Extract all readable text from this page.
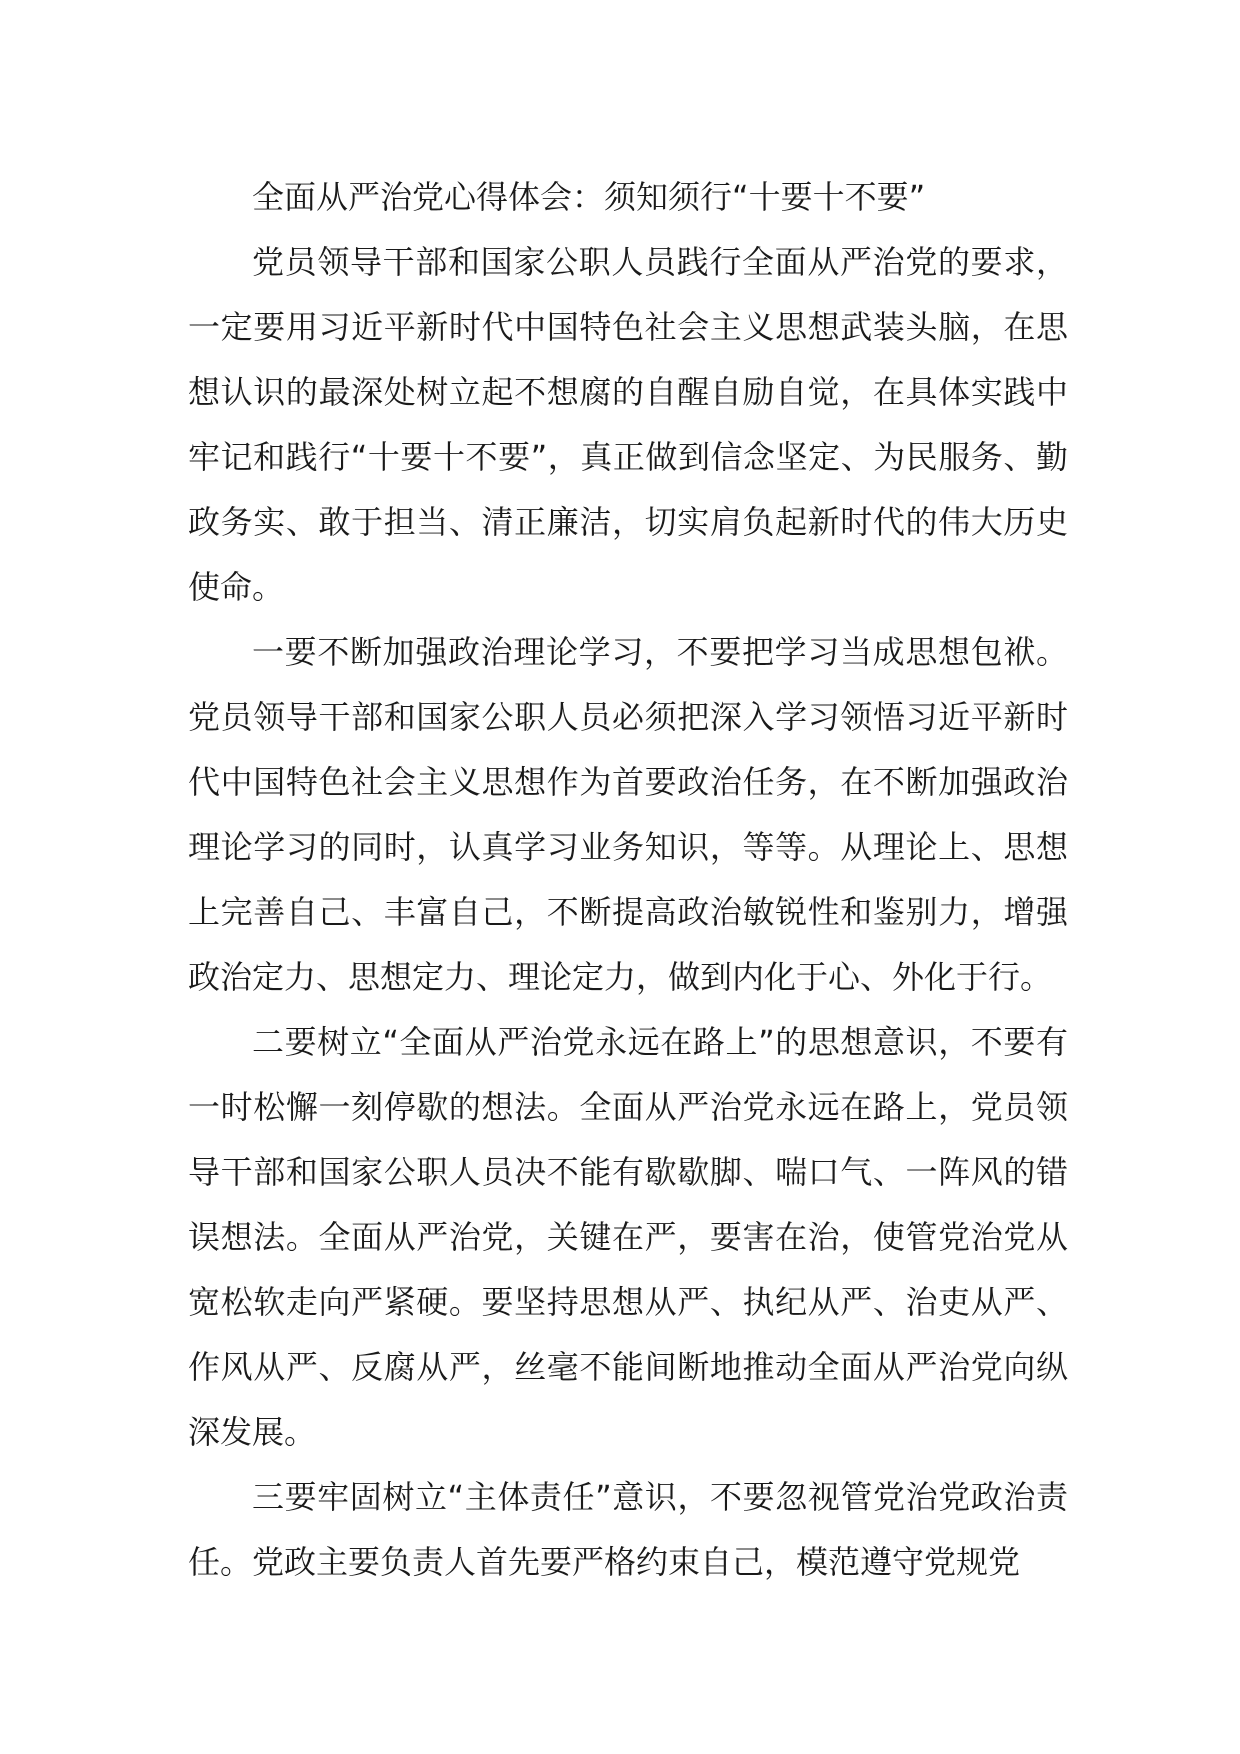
全面从严治党心得体会：须知须行“十要十不要”

党员领导干部和国家公职人员践行全面从严治党的要求，一定要用习近平新时代中国特色社会主义思想武装头脑，在思想认识的最深处树立起不想腐的自醒自励自觉，在具体实践中牢记和践行“十要十不要”，真正做到信念坚定、为民服务、勤政务实、敢于担当、清正廉洁，切实肩负起新时代的伟大历史使命。

一要不断加强政治理论学习，不要把学习当成思想包袱。党员领导干部和国家公职人员必须把深入学习领悟习近平新时代中国特色社会主义思想作为首要政治任务，在不断加强政治理论学习的同时，认真学习业务知识，等等。从理论上、思想上完善自己、丰富自己，不断提高政治敏锐性和鉴别力，增强政治定力、思想定力、理论定力，做到内化于心、外化于行。

二要树立“全面从严治党永远在路上”的思想意识，不要有一时松懈一刻停歇的想法。全面从严治党永远在路上，党员领导干部和国家公职人员决不能有歇歇脚、喘口气、一阵风的错误想法。全面从严治党，关键在严，要害在治，使管党治党从宽松软走向严紧硬。要坚持思想从严、执纪从严、治吏从严、作风从严、反腐从严，丝毫不能间断地推动全面从严治党向纵深发展。

三要牢固树立“主体责任”意识，不要忽视管党治党政治责任。党政主要负责人首先要严格约束自己，模范遵守党规党
